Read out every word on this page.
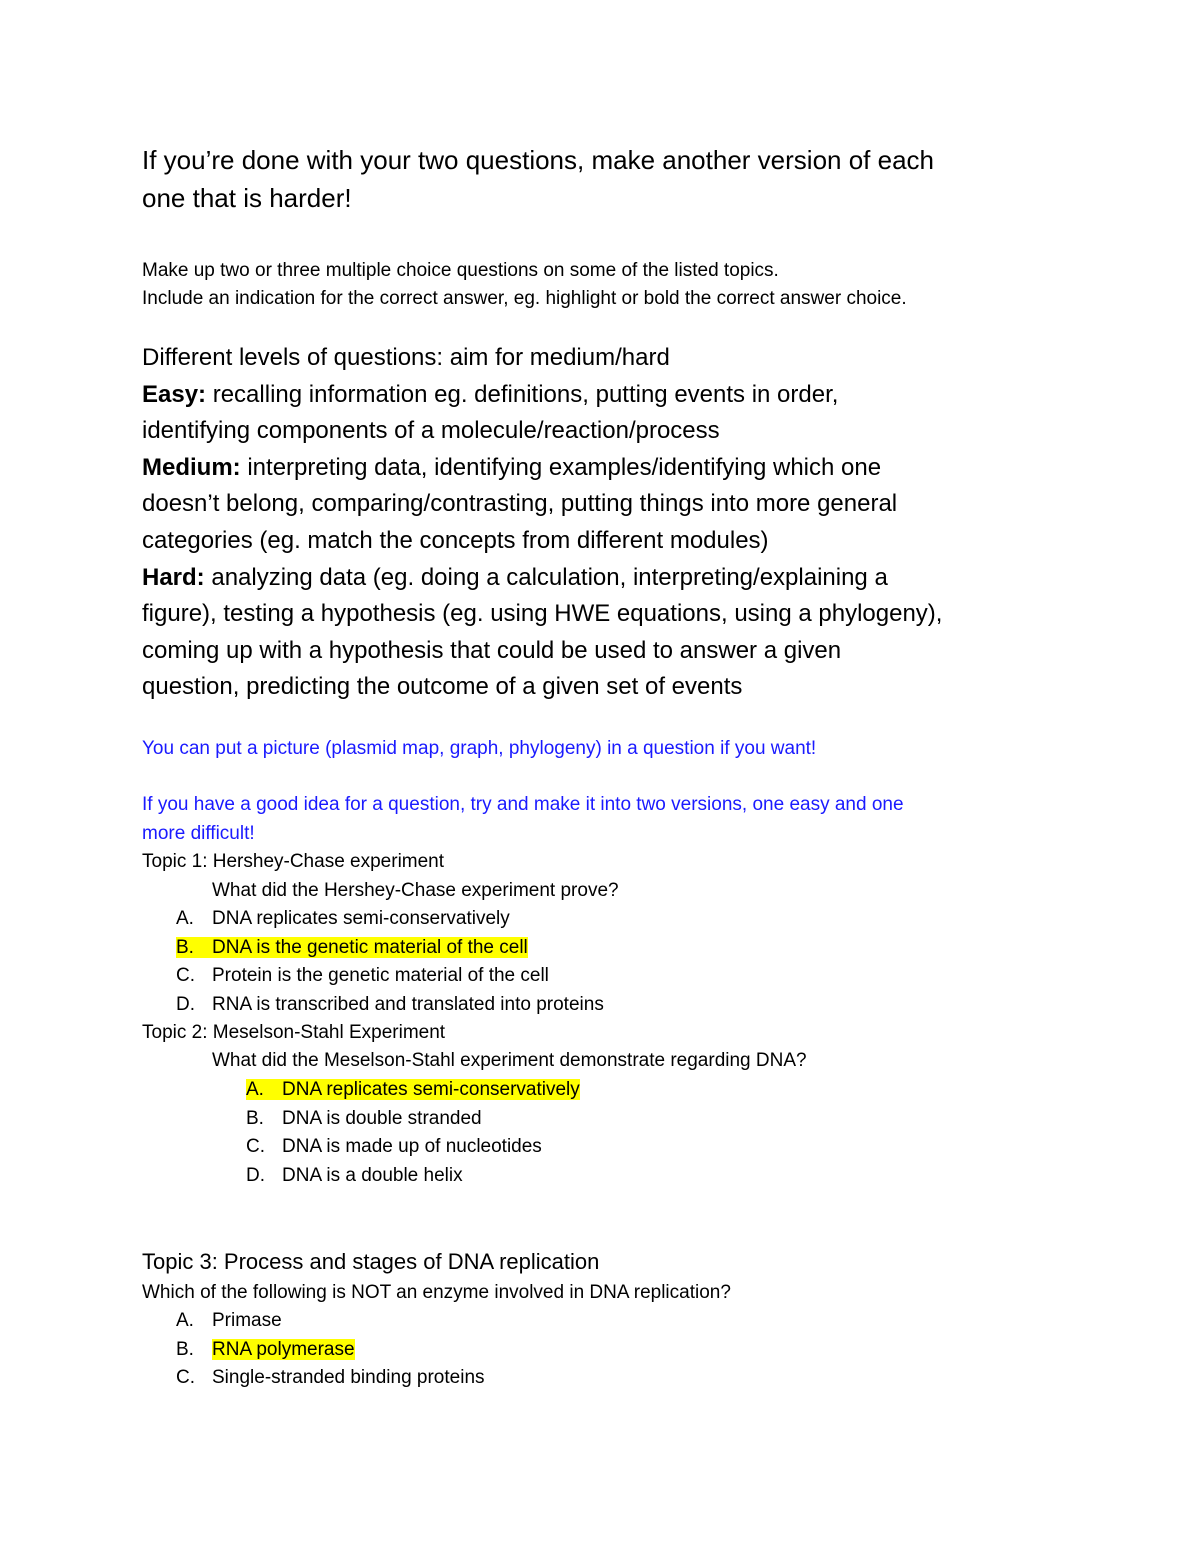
If you’re done with your two questions, make another version of each
one that is harder!
Make up two or three multiple choice questions on some of the listed topics.
Include an indication for the correct answer, eg. highlight or bold the correct answer choice.
Different levels of questions: aim for medium/hard
Easy: recalling information eg. definitions, putting events in order,
identifying components of a molecule/reaction/process
Medium: interpreting data, identifying examples/identifying which one
doesn’t belong, comparing/contrasting, putting things into more general
categories (eg. match the concepts from different modules)
Hard: analyzing data (eg. doing a calculation, interpreting/explaining a
figure), testing a hypothesis (eg. using HWE equations, using a phylogeny),
coming up with a hypothesis that could be used to answer a given
question, predicting the outcome of a given set of events
You can put a picture (plasmid map, graph, phylogeny) in a question if you want!
If you have a good idea for a question, try and make it into two versions, one easy and one
more difficult!
Topic 1: Hershey-Chase experiment
What did the Hershey-Chase experiment prove?
A. DNA replicates semi-conservatively
B. DNA is the genetic material of the cell
C. Protein is the genetic material of the cell
D. RNA is transcribed and translated into proteins
Topic 2: Meselson-Stahl Experiment
What did the Meselson-Stahl experiment demonstrate regarding DNA?
A. DNA replicates semi-conservatively
B. DNA is double stranded
C. DNA is made up of nucleotides
D. DNA is a double helix
Topic 3: Process and stages of DNA replication
Which of the following is NOT an enzyme involved in DNA replication?
A. Primase
B. RNA polymerase
C. Single-stranded binding proteins
